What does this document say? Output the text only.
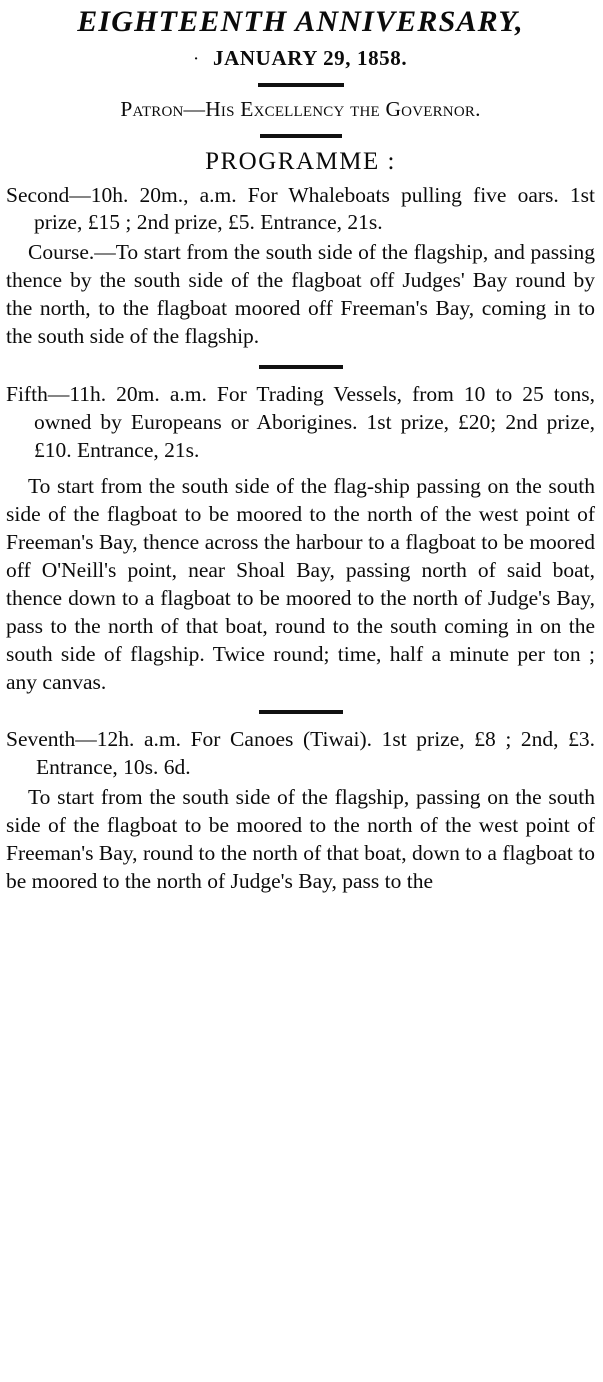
EIGHTEENTH ANNIVERSARY,
· JANUARY 29, 1858.
Patron—His Excellency the Governor.
PROGRAMME :
Second—10h. 20m., a.m. For Whaleboats pulling five oars. 1st prize, £15 ; 2nd prize, £5. Entrance, 21s.
Course.—To start from the south side of the flagship, and passing thence by the south side of the flagboat off Judges' Bay round by the north, to the flagboat moored off Freeman's Bay, coming in to the south side of the flagship.
Fifth—11h. 20m. a.m. For Trading Vessels, from 10 to 25 tons, owned by Europeans or Aborigines. 1st prize, £20; 2nd prize, £10. Entrance, 21s.
To start from the south side of the flag-ship passing on the south side of the flagboat to be moored to the north of the west point of Freeman's Bay, thence across the harbour to a flagboat to be moored off O'Neill's point, near Shoal Bay, passing north of said boat, thence down to a flagboat to be moored to the north of Judge's Bay, pass to the north of that boat, round to the south coming in on the south side of flagship. Twice round; time, half a minute per ton ; any canvas.
Seventh—12h. a.m. For Canoes (Tiwai). 1st prize, £8 ; 2nd, £3. Entrance, 10s. 6d.
To start from the south side of the flagship, passing on the south side of the flagboat to be moored to the north of the west point of Freeman's Bay, round to the north of that boat, down to a flagboat to be moored to the north of Judge's Bay, pass to the
